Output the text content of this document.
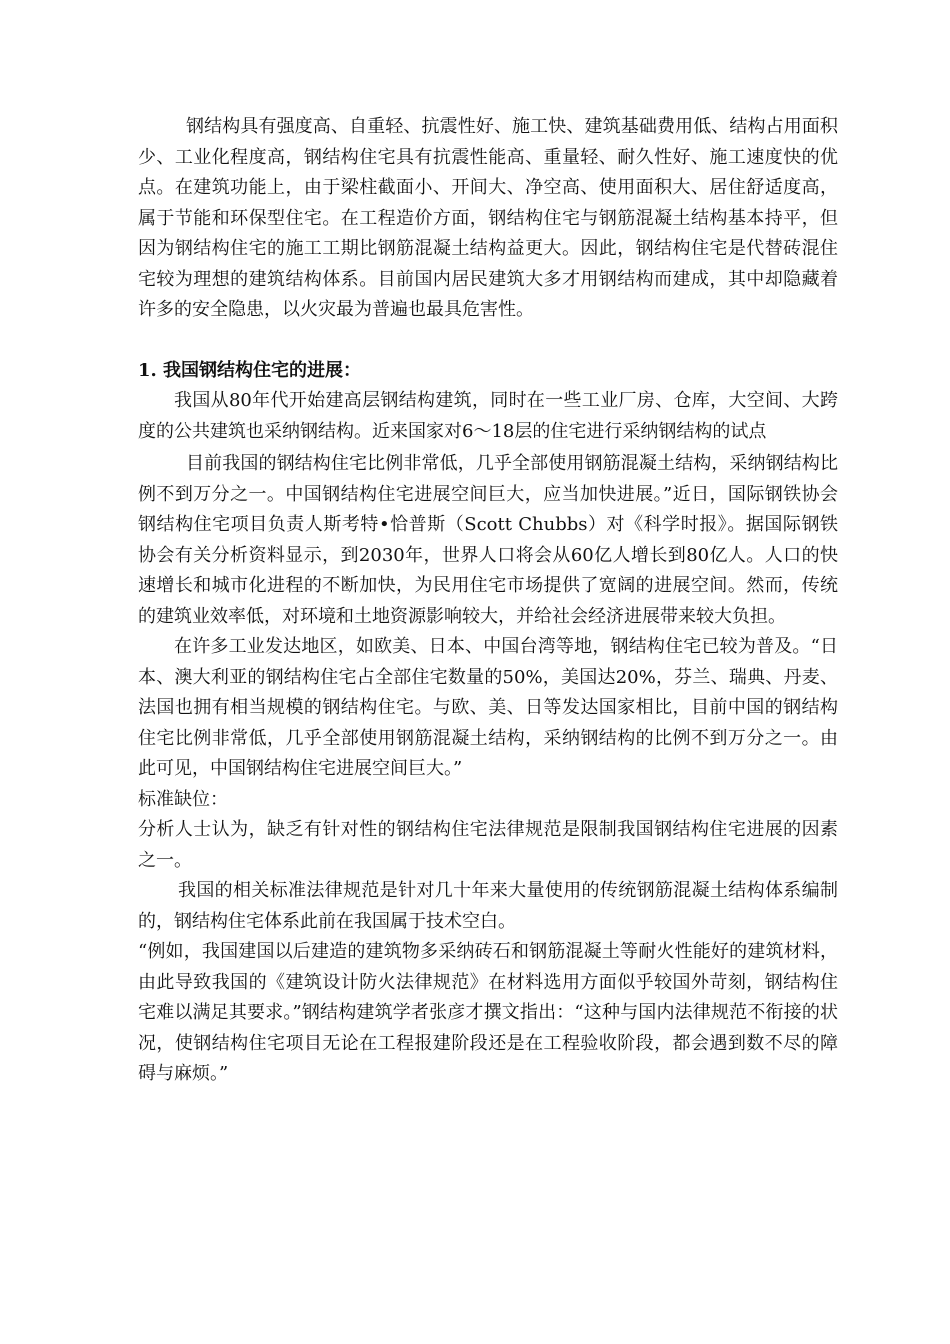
钢结构具有强度高、自重轻、抗震性好、施工快、建筑基础费用低、结构占用面积少、工业化程度高，钢结构住宅具有抗震性能高、重量轻、耐久性好、施工速度快的优点。在建筑功能上，由于梁柱截面小、开间大、净空高、使用面积大、居住舒适度高，属于节能和环保型住宅。在工程造价方面，钢结构住宅与钢筋混凝土结构基本持平，但因为钢结构住宅的施工工期比钢筋混凝土结构益更大。因此，钢结构住宅是代替砖混住宅较为理想的建筑结构体系。目前国内居民建筑大多才用钢结构而建成，其中却隐藏着许多的安全隐患，以火灾最为普遍也最具危害性。

1. 我国钢结构住宅的进展：

我国从80年代开始建高层钢结构建筑，同时在一些工业厂房、仓库，大空间、大跨度的公共建筑也采纳钢结构。近来国家对6～18层的住宅进行采纳钢结构的试点

目前我国的钢结构住宅比例非常低，几乎全部使用钢筋混凝土结构，采纳钢结构比例不到万分之一。中国钢结构住宅进展空间巨大，应当加快进展。”近日，国际钢铁协会钢结构住宅项目负责人斯考特•恰普斯（Scott Chubbs）对《科学时报》。据国际钢铁协会有关分析资料显示，到2030年，世界人口将会从60亿人增长到80亿人。人口的快速增长和城市化进程的不断加快，为民用住宅市场提供了宽阔的进展空间。然而，传统的建筑业效率低，对环境和土地资源影响较大，并给社会经济进展带来较大负担。

在许多工业发达地区，如欧美、日本、中国台湾等地，钢结构住宅已较为普及。“日本、澳大利亚的钢结构住宅占全部住宅数量的50%，美国达20%，芬兰、瑞典、丹麦、法国也拥有相当规模的钢结构住宅。与欧、美、日等发达国家相比，目前中国的钢结构住宅比例非常低，几乎全部使用钢筋混凝土结构，采纳钢结构的比例不到万分之一。由此可见，中国钢结构住宅进展空间巨大。”

标准缺位：

分析人士认为，缺乏有针对性的钢结构住宅法律规范是限制我国钢结构住宅进展的因素之一。

我国的相关标准法律规范是针对几十年来大量使用的传统钢筋混凝土结构体系编制的，钢结构住宅体系此前在我国属于技术空白。

“例如，我国建国以后建造的建筑物多采纳砖石和钢筋混凝土等耐火性能好的建筑材料，由此导致我国的《建筑设计防火法律规范》在材料选用方面似乎较国外苛刻，钢结构住宅难以满足其要求。”钢结构建筑学者张彦才撰文指出：“这种与国内法律规范不衔接的状况，使钢结构住宅项目无论在工程报建阶段还是在工程验收阶段，都会遇到数不尽的障碍与麻烦。”
